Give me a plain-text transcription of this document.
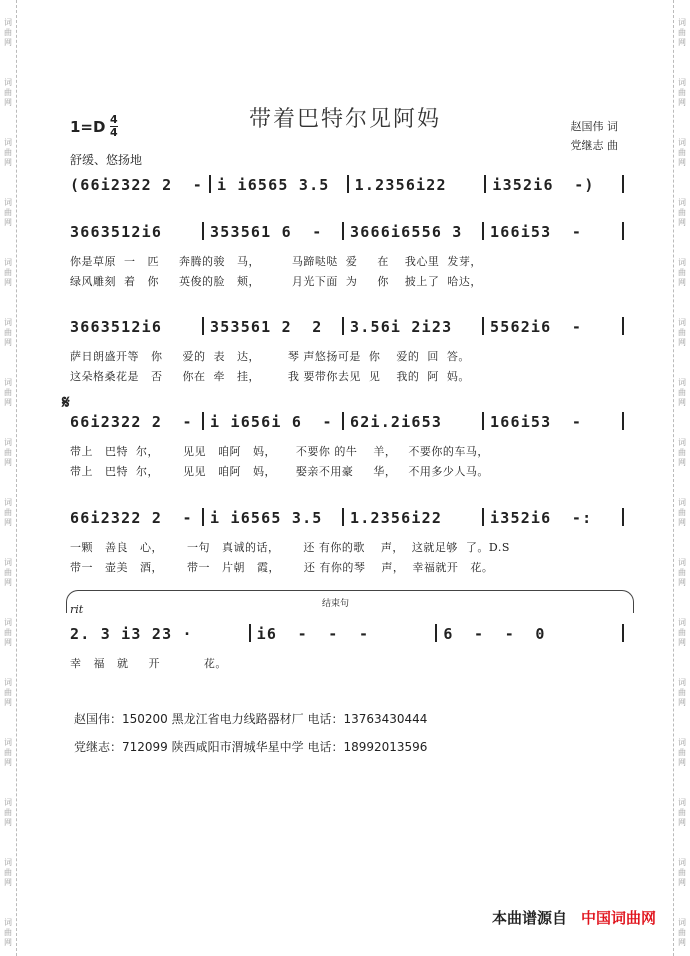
词曲网
词曲网
词曲网
词曲网
词曲网
词曲网
词曲网
词曲网
词曲网
词曲网
词曲网
词曲网
词曲网
词曲网
词曲网
词曲网
词曲网
词曲网
词曲网
词曲网
词曲网
词曲网
词曲网
词曲网
词曲网
词曲网
词曲网
词曲网
词曲网
词曲网
词曲网
词曲网
带着巴特尔见阿妈
1=D 4
4
舒缓、悠扬地
赵国伟 词
党继志 曲
𝄋
rit	结束句
(66i2322 2  - i i6565 3.5	1.2356i22	i352i6  -)
3663512i6	353561 6  -	3666i6556 3	166i53  -
你是草原  一   匹     奔腾的骏   马，        马蹄哒哒  爱     在    我心里  发芽，
绿风雕刻  着   你     英俊的脸   颊，        月光下面  为     你    披上了  哈达，
3663512i6	353561 2  2	3.56i 2i23	5562i6  -
萨日朗盛开等   你     爱的  表   达，       琴 声悠扬可是  你    爱的  回  答。
这朵格桑花是   否     你在  牵   挂，       我 要带你去见  见    我的  阿  妈。
66i2322 2  - i i656i 6  - 62i.2i653	166i53  -
带上   巴特  尔，      见见   咱阿   妈，     不要你 的牛    羊，   不要你的车马，
带上   巴特  尔，      见见   咱阿   妈，     娶亲不用豪     华，   不用多少人马。
66i2322 2  - i i6565 3.5	1.2356i22	i352i6  -:
一颗   善良   心，      一句   真诚的话，      还 有你的歌    声，  这就足够  了。D.S
带一   壶美   酒，      带一   片朝   霞，      还 有你的琴    声，  幸福就开   花。
2. 3 i3 23 ·	i6  -  -  -	6  -  -  0
幸   福   就     开           花。
赵国伟：150200 黑龙江省电力线路器材厂 电话：13763430444
党继志：712099 陕西咸阳市渭城华星中学 电话：18992013596
本曲谱源自 中国词曲网
